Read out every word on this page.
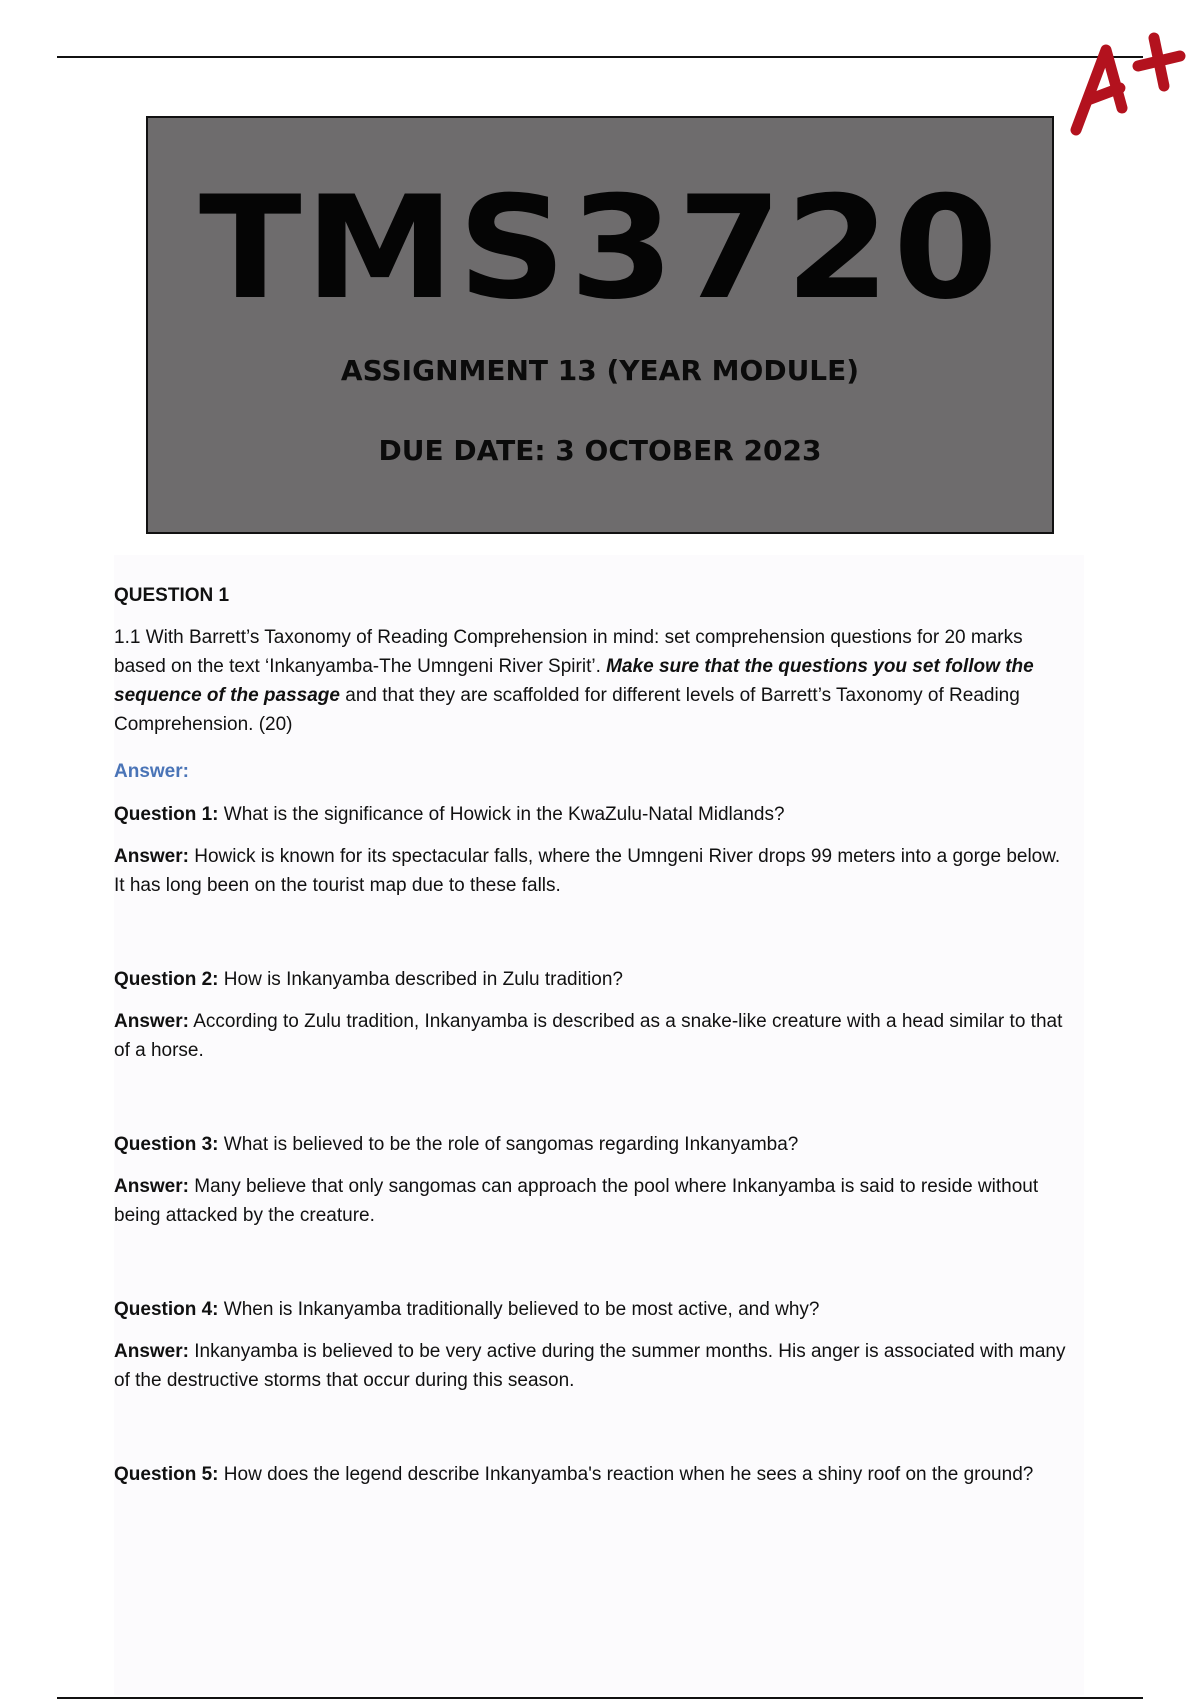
TMS3720
ASSIGNMENT 13 (YEAR MODULE)
DUE DATE: 3 OCTOBER 2023
QUESTION 1

1.1 With Barrett’s Taxonomy of Reading Comprehension in mind: set comprehension questions for 20 marks based on the text ‘Inkanyamba-The Umngeni River Spirit’. Make sure that the questions you set follow the sequence of the passage and that they are scaffolded for different levels of Barrett’s Taxonomy of Reading Comprehension. (20)

Answer:

Question 1: What is the significance of Howick in the KwaZulu-Natal Midlands?

Answer: Howick is known for its spectacular falls, where the Umngeni River drops 99 meters into a gorge below. It has long been on the tourist map due to these falls.

Question 2: How is Inkanyamba described in Zulu tradition?

Answer: According to Zulu tradition, Inkanyamba is described as a snake-like creature with a head similar to that of a horse.

Question 3: What is believed to be the role of sangomas regarding Inkanyamba?

Answer: Many believe that only sangomas can approach the pool where Inkanyamba is said to reside without being attacked by the creature.

Question 4: When is Inkanyamba traditionally believed to be most active, and why?

Answer: Inkanyamba is believed to be very active during the summer months. His anger is associated with many of the destructive storms that occur during this season.

Question 5: How does the legend describe Inkanyamba's reaction when he sees a shiny roof on the ground?
